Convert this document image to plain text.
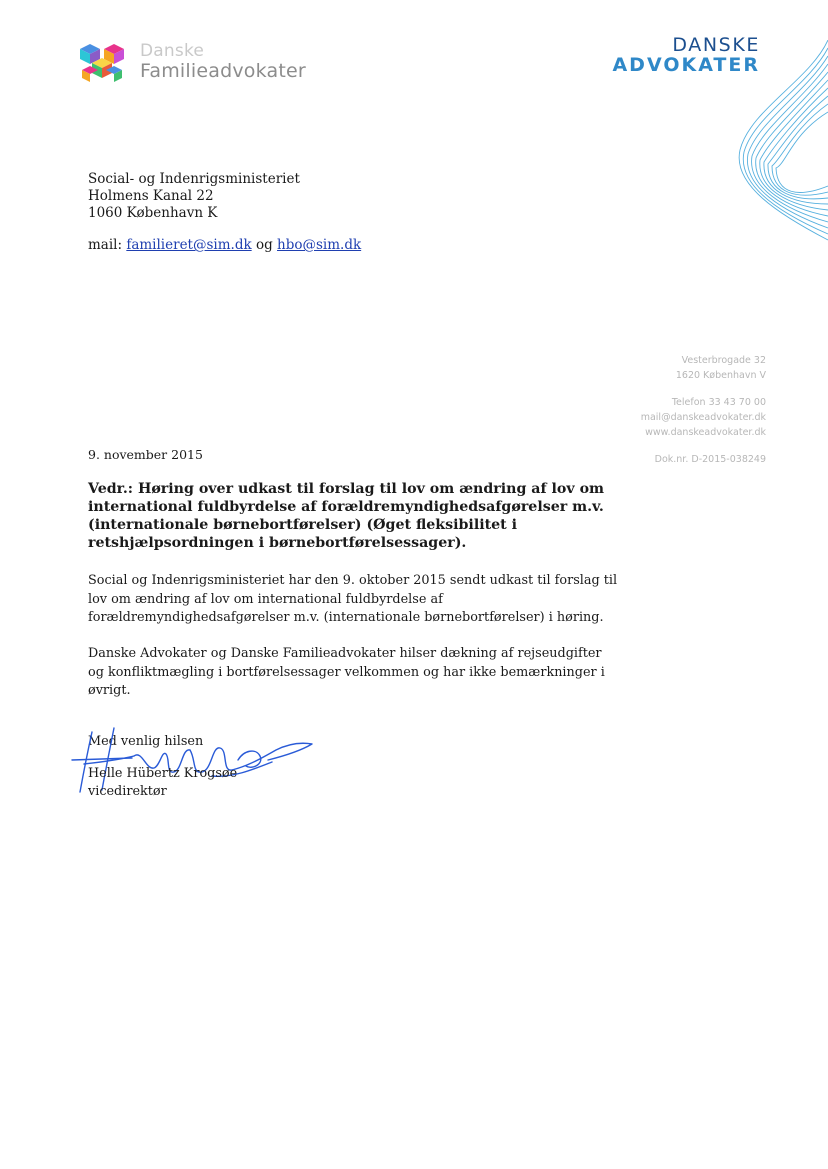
Danske
Familieadvokater
DANSKE
ADVOKATER
Social- og Indenrigsministeriet
Holmens Kanal 22
1060 København K
mail: familieret@sim.dk og hbo@sim.dk
Vesterbrogade 32
1620 København V
Telefon 33 43 70 00
mail@danskeadvokater.dk
www.danskeadvokater.dk
Dok.nr. D-2015-038249
9. november 2015
Vedr.: Høring over udkast til forslag til lov om ændring af lov om international fuldbyrdelse af forældremyndighedsafgørelser m.v. (internationale børnebortførelser) (Øget fleksibilitet i retshjælpsordningen i børnebortførelsessager).
Social og Indenrigsministeriet har den 9. oktober 2015 sendt udkast til forslag til lov om ændring af lov om international fuldbyrdelse af forældremyndighedsafgørelser m.v. (internationale børnebortførelser) i høring.
Danske Advokater og Danske Familieadvokater hilser dækning af rejseudgifter og konfliktmægling i bortførelsessager velkommen og har ikke bemærkninger i øvrigt.
Med venlig hilsen
Helle Hübertz Krogsøe
vicedirektør
